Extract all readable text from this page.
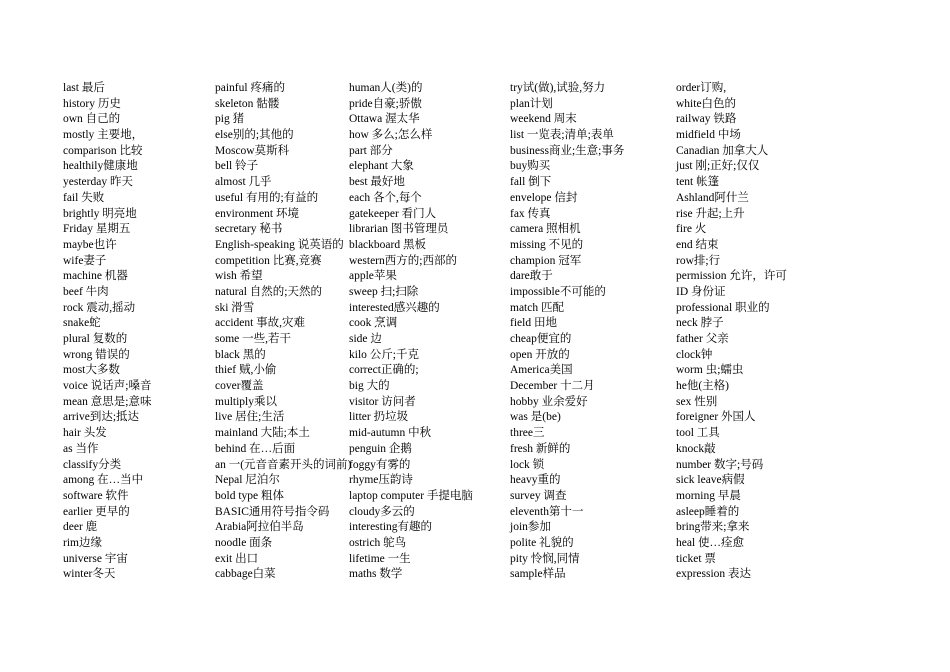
last 最后
history 历史
own 自己的
mostly 主要地，
comparison 比较
healthily健康地
yesterday 昨天
fail 失败
brightly 明亮地
Friday 星期五
maybe也许
wife妻子
machine 机器
beef 牛肉
rock 震动,摇动
snake蛇
plural 复数的
wrong 错误的
most大多数
voice 说话声;嗓音
mean 意思是;意味
arrive到达;抵达
hair 头发
as 当作
classify分类
among 在…当中
software 软件
earlier 更早的
deer 鹿
rim边缘
universe 宇宙
winter冬天
painful 疼痛的
skeleton 骷髅
pig 猪
else别的;其他的
Moscow莫斯科
bell 铃子
almost 几乎
useful 有用的;有益的
environment 环境
secretary 秘书
English-speaking 说英语的
competition 比赛,竞赛
wish 希望
natural 自然的;天然的
ski 滑雪
accident 事故,灾难
some 一些,若干
black 黑的
thief 贼,小偷
cover覆盖
multiply乘以
live 居住;生活
mainland 大陆;本土
behind 在…后面
an 一(元音音素开头的词前)
Nepal 尼泊尔
bold type 粗体
BASIC通用符号指令码
Arabia阿拉伯半岛
noodle 面条
exit 出口
cabbage白菜
human人(类)的
pride自豪;骄傲
Ottawa 渥太华
how 多么;怎么样
part 部分
elephant 大象
best 最好地
each 各个,每个
gatekeeper 看门人
librarian 图书管理员
blackboard 黑板
western西方的;西部的
apple苹果
sweep 扫;扫除
interested感兴趣的
cook 烹调
side 边
kilo 公斤;千克
correct正确的;
big 大的
visitor 访问者
litter 扔垃圾
mid-autumn 中秋
penguin 企鹅
foggy有雾的
rhyme压韵诗
laptop computer 手提电脑
cloudy多云的
interesting有趣的
ostrich 鸵鸟
lifetime 一生
maths 数学
try试(做),试验,努力
plan计划
weekend 周末
list 一览表;清单;表单
business商业;生意;事务
buy购买
fall 倒下
envelope 信封
fax 传真
camera 照相机
missing 不见的
champion 冠军
dare敢于
impossible不可能的
match 匹配
field 田地
cheap便宜的
open 开放的
America美国
December 十二月
hobby 业余爱好
was 是(be)
three三
fresh 新鲜的
lock 锁
heavy重的
survey 调查
eleventh第十一
join参加
polite 礼貌的
pity 怜悯,同情
sample样品
order订购,
white白色的
railway 铁路
midfield 中场
Canadian 加拿大人
just 刚;正好;仅仅
tent 帐篷
Ashland阿什兰
rise 升起;上升
fire 火
end 结束
row排;行
permission 允许，许可
ID 身份证
professional 职业的
neck 脖子
father 父亲
clock钟
worm 虫;蠕虫
he他(主格)
sex 性别
foreigner 外国人
tool 工具
knock敲
number 数字;号码
sick leave病假
morning 早晨
asleep睡着的
bring带来;拿来
heal 使…痊愈
ticket 票
expression 表达
